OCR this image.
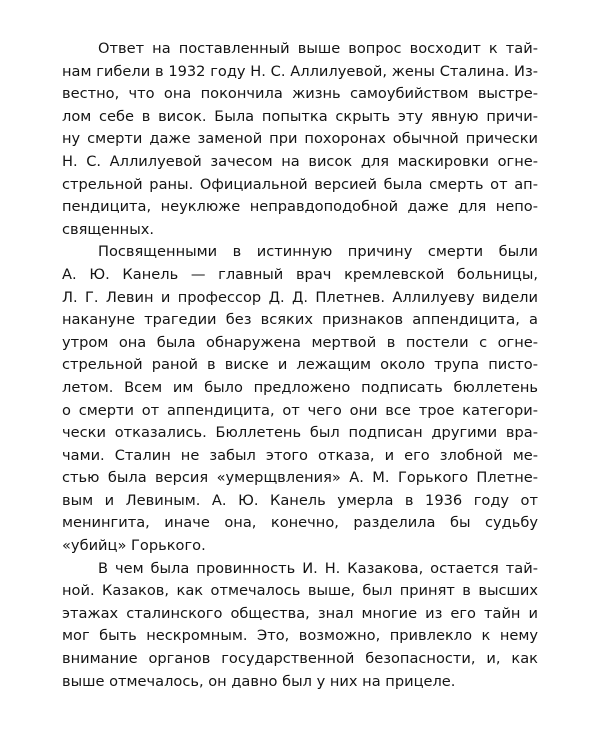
Ответ на поставленный выше вопрос восходит к тай-
нам гибели в 1932 году Н. С. Аллилуевой, жены Сталина. Из-
вестно, что она покончила жизнь самоубийством выстре-
лом себе в висок. Была попытка скрыть эту явную причи-
ну смерти даже заменой при похоронах обычной прически
Н. С. Аллилуевой зачесом на висок для маскировки огне-
стрельной раны. Официальной версией была смерть от ап-
пендицита, неуклюже неправдоподобной даже для непо-
священных.
Посвященными в истинную причину смерти были
А. Ю. Канель — главный врач кремлевской больницы,
Л. Г. Левин и профессор Д. Д. Плетнев. Аллилуеву видели
накануне трагедии без всяких признаков аппендицита, а
утром она была обнаружена мертвой в постели с огне-
стрельной раной в виске и лежащим около трупа писто-
летом. Всем им было предложено подписать бюллетень
о смерти от аппендицита, от чего они все трое категори-
чески отказались. Бюллетень был подписан другими вра-
чами. Сталин не забыл этого отказа, и его злобной ме-
стью была версия «умерщвления» А. М. Горького Плетне-
вым и Левиным. А. Ю. Канель умерла в 1936 году от
менингита, иначе она, конечно, разделила бы судьбу
«убийц» Горького.
В чем была провинность И. Н. Казакова, остается тай-
ной. Казаков, как отмечалось выше, был принят в высших
этажах сталинского общества, знал многие из его тайн и
мог быть нескромным. Это, возможно, привлекло к нему
внимание органов государственной безопасности, и, как
выше отмечалось, он давно был у них на прицеле.
